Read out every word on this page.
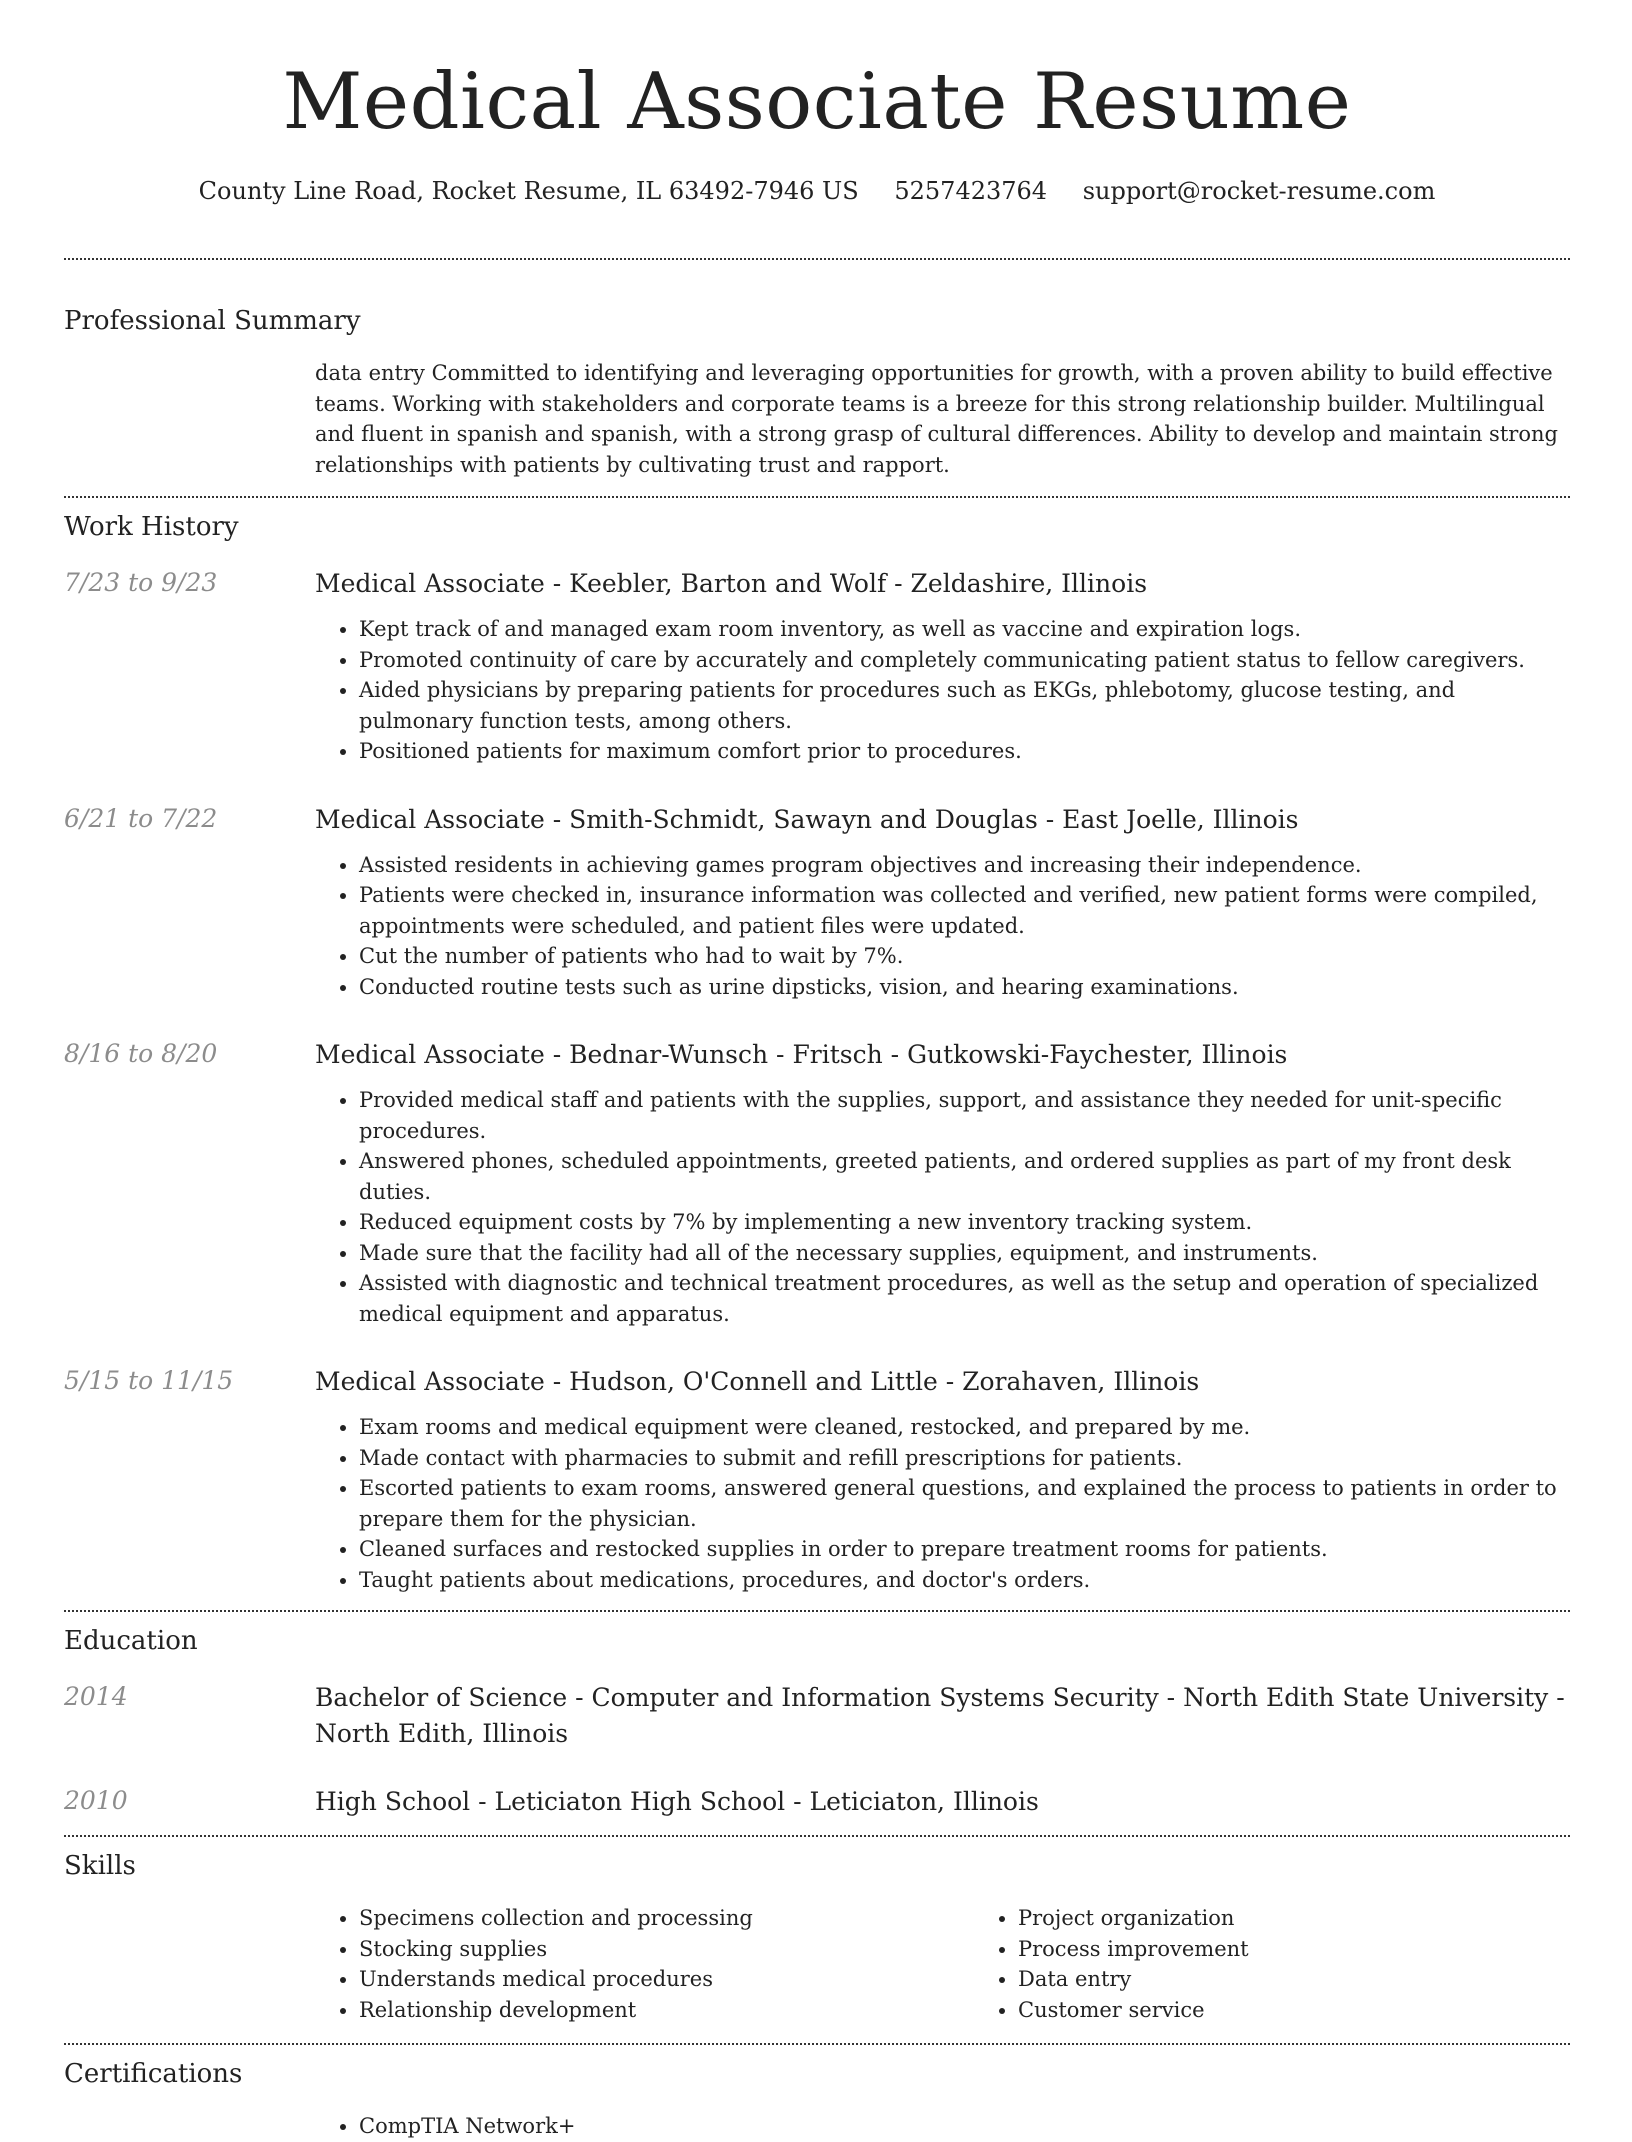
Medical Associate Resume
County Line Road, Rocket Resume, IL 63492-7946 US 5257423764 support@rocket-resume.com
Professional Summary
data entry Committed to identifying and leveraging opportunities for growth, with a proven ability to build effective teams. Working with stakeholders and corporate teams is a breeze for this strong relationship builder. Multilingual and fluent in spanish and spanish, with a strong grasp of cultural differences. Ability to develop and maintain strong relationships with patients by cultivating trust and rapport.
Work History
7/23 to 9/23	Medical Associate - Keebler, Barton and Wolf - Zeldashire, Illinois
• Kept track of and managed exam room inventory, as well as vaccine and expiration logs.
• Promoted continuity of care by accurately and completely communicating patient status to fellow caregivers.
• Aided physicians by preparing patients for procedures such as EKGs, phlebotomy, glucose testing, and pulmonary function tests, among others.
• Positioned patients for maximum comfort prior to procedures.
6/21 to 7/22	Medical Associate - Smith-Schmidt, Sawayn and Douglas - East Joelle, Illinois
• Assisted residents in achieving games program objectives and increasing their independence.
• Patients were checked in, insurance information was collected and verified, new patient forms were compiled, appointments were scheduled, and patient files were updated.
• Cut the number of patients who had to wait by 7%.
• Conducted routine tests such as urine dipsticks, vision, and hearing examinations.
8/16 to 8/20	Medical Associate - Bednar-Wunsch - Fritsch - Gutkowski-Faychester, Illinois
• Provided medical staff and patients with the supplies, support, and assistance they needed for unit-specific procedures.
• Answered phones, scheduled appointments, greeted patients, and ordered supplies as part of my front desk duties.
• Reduced equipment costs by 7% by implementing a new inventory tracking system.
• Made sure that the facility had all of the necessary supplies, equipment, and instruments.
• Assisted with diagnostic and technical treatment procedures, as well as the setup and operation of specialized medical equipment and apparatus.
5/15 to 11/15	Medical Associate - Hudson, O'Connell and Little - Zorahaven, Illinois
• Exam rooms and medical equipment were cleaned, restocked, and prepared by me.
• Made contact with pharmacies to submit and refill prescriptions for patients.
• Escorted patients to exam rooms, answered general questions, and explained the process to patients in order to prepare them for the physician.
• Cleaned surfaces and restocked supplies in order to prepare treatment rooms for patients.
• Taught patients about medications, procedures, and doctor's orders.
Education
2014	Bachelor of Science - Computer and Information Systems Security - North Edith State University - North Edith, Illinois
2010	High School - Leticiaton High School - Leticiaton, Illinois
Skills
• Specimens collection and processing
• Stocking supplies
• Understands medical procedures
• Relationship development
• Project organization
• Process improvement
• Data entry
• Customer service
Certifications
• CompTIA Network+
